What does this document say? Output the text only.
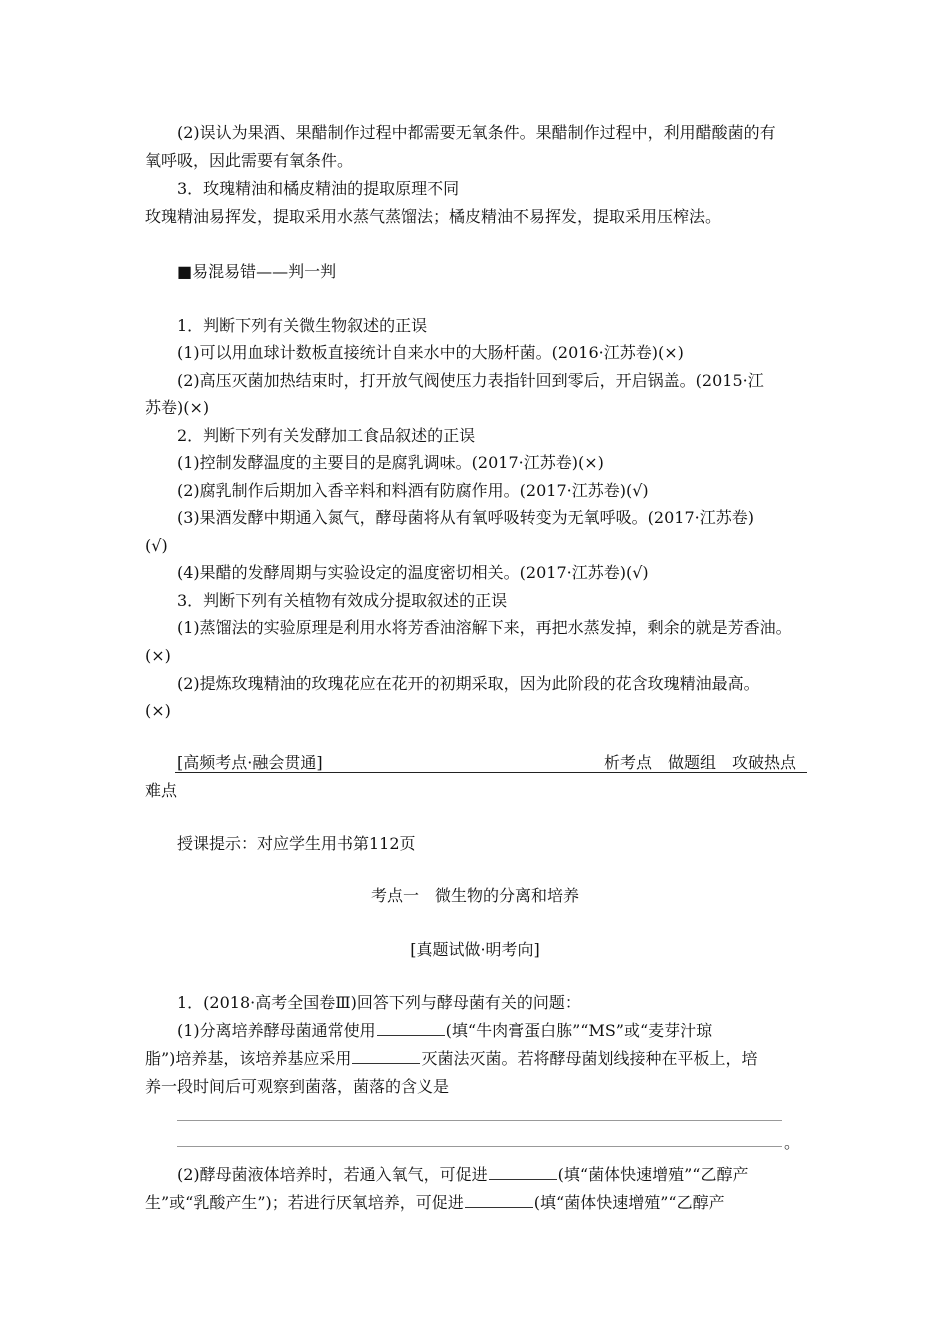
(2)误认为果酒、果醋制作过程中都需要无氧条件。果醋制作过程中，利用醋酸菌的有
氧呼吸，因此需要有氧条件。
3．玫瑰精油和橘皮精油的提取原理不同
玫瑰精油易挥发，提取采用水蒸气蒸馏法；橘皮精油不易挥发，提取采用压榨法。
■易混易错——判一判
1．判断下列有关微生物叙述的正误
(1)可以用血球计数板直接统计自来水中的大肠杆菌。(2016·江苏卷)(×)
(2)高压灭菌加热结束时，打开放气阀使压力表指针回到零后，开启锅盖。(2015·江
苏卷)(×)
2．判断下列有关发酵加工食品叙述的正误
(1)控制发酵温度的主要目的是腐乳调味。(2017·江苏卷)(×)
(2)腐乳制作后期加入香辛料和料酒有防腐作用。(2017·江苏卷)(√)
(3)果酒发酵中期通入氮气，酵母菌将从有氧呼吸转变为无氧呼吸。(2017·江苏卷)
(√)
(4)果醋的发酵周期与实验设定的温度密切相关。(2017·江苏卷)(√)
3．判断下列有关植物有效成分提取叙述的正误
(1)蒸馏法的实验原理是利用水将芳香油溶解下来，再把水蒸发掉，剩余的就是芳香油。
(×)
(2)提炼玫瑰精油的玫瑰花应在花开的初期采取，因为此阶段的花含玫瑰精油最高。
(×)
[高频考点·融会贯通]	析考点　做题组　攻破热点
难点
授课提示：对应学生用书第112页
考点一　微生物的分离和培养
[真题试做·明考向]
1．(2018·高考全国卷Ⅲ)回答下列与酵母菌有关的问题：
(1)分离培养酵母菌通常使用	(填“牛肉膏蛋白胨”“MS”或“麦芽汁琼
脂”)培养基，该培养基应采用	灭菌法灭菌。若将酵母菌划线接种在平板上，培
养一段时间后可观察到菌落，菌落的含义是
。
(2)酵母菌液体培养时，若通入氧气，可促进	(填“菌体快速增殖”“乙醇产
生”或“乳酸产生”)；若进行厌氧培养，可促进	(填“菌体快速增殖”“乙醇产
